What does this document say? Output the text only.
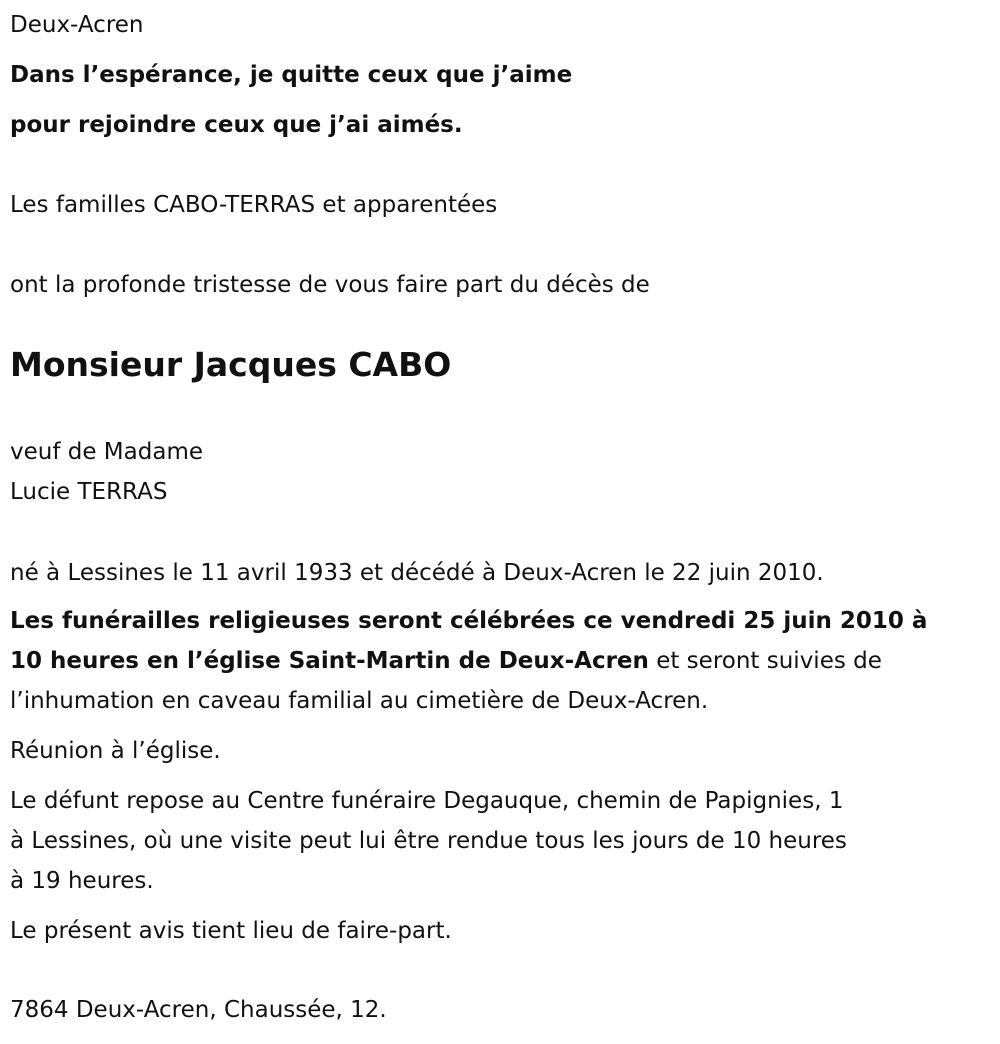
Deux-Acren
Dans l’espérance, je quitte ceux que j’aime
pour rejoindre ceux que j’ai aimés.
Les familles CABO-TERRAS et apparentées
ont la profonde tristesse de vous faire part du décès de
Monsieur Jacques CABO
veuf de Madame
Lucie TERRAS
né à Lessines le 11 avril 1933 et décédé à Deux-Acren le 22 juin 2010.
Les funérailles religieuses seront célébrées ce vendredi 25 juin 2010 à
10 heures en l’église Saint-Martin de Deux-Acren et seront suivies de
l’inhumation en caveau familial au cimetière de Deux-Acren.
Réunion à l’église.
Le défunt repose au Centre funéraire Degauque, chemin de Papignies, 1
à Lessines, où une visite peut lui être rendue tous les jours de 10 heures
à 19 heures.
Le présent avis tient lieu de faire-part.
7864 Deux-Acren, Chaussée, 12.
